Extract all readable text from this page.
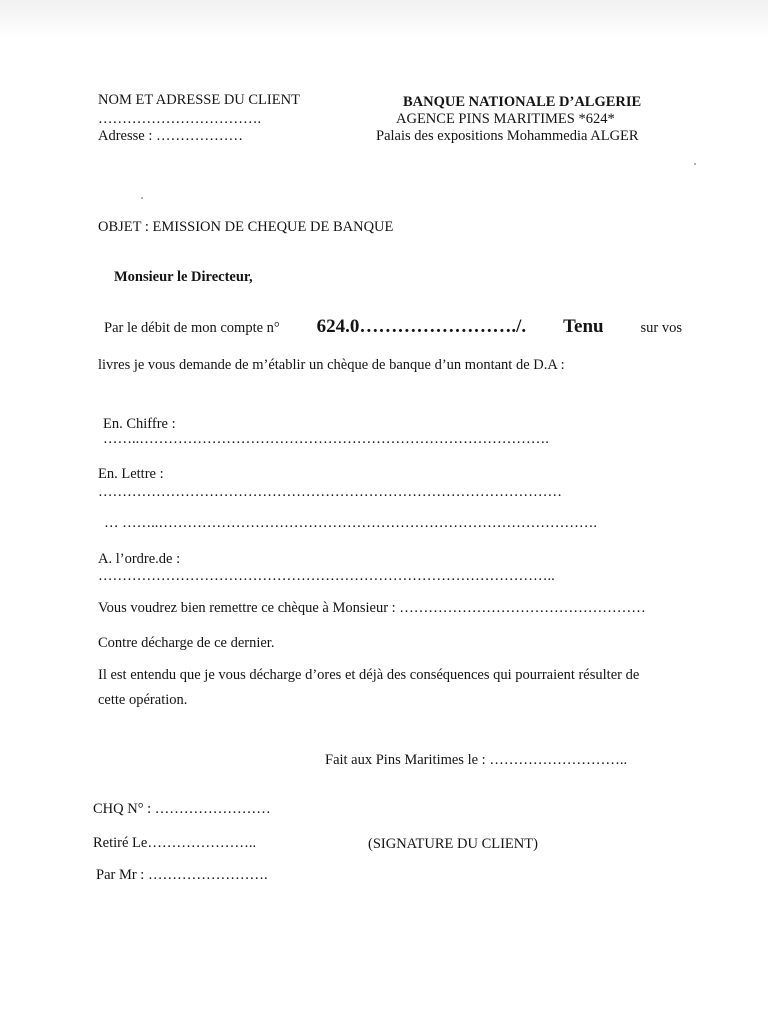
NOM ET ADRESSE DU CLIENT
…………………………….
Adresse : ………………
BANQUE NATIONALE D’ALGERIE
AGENCE PINS MARITIMES *624*
Palais des expositions Mohammedia ALGER
OBJET : EMISSION DE CHEQUE DE BANQUE
Monsieur le Directeur,
Par le débit de mon compte n° 624.0……………………./. Tenu	sur vos
livres je vous demande de m’établir un chèque de banque d’un montant de D.A :
En. Chiffre :
……..………………………………………………………………………….
En. Lettre :
……………………………………………………………………………………
… ……..……………………………………………………………………………….
A. l’ordre.de :
…………………………………………………………………………………..
Vous voudrez bien remettre ce chèque à Monsieur : ……………………………………………
Contre décharge de ce dernier.
Il est entendu que je vous décharge d’ores et déjà des conséquences qui pourraient résulter de
cette opération.
Fait aux Pins Maritimes le : ………………………..
CHQ N° : ……………………
Retiré Le…………………..	(SIGNATURE DU CLIENT)
Par Mr : …………………….
